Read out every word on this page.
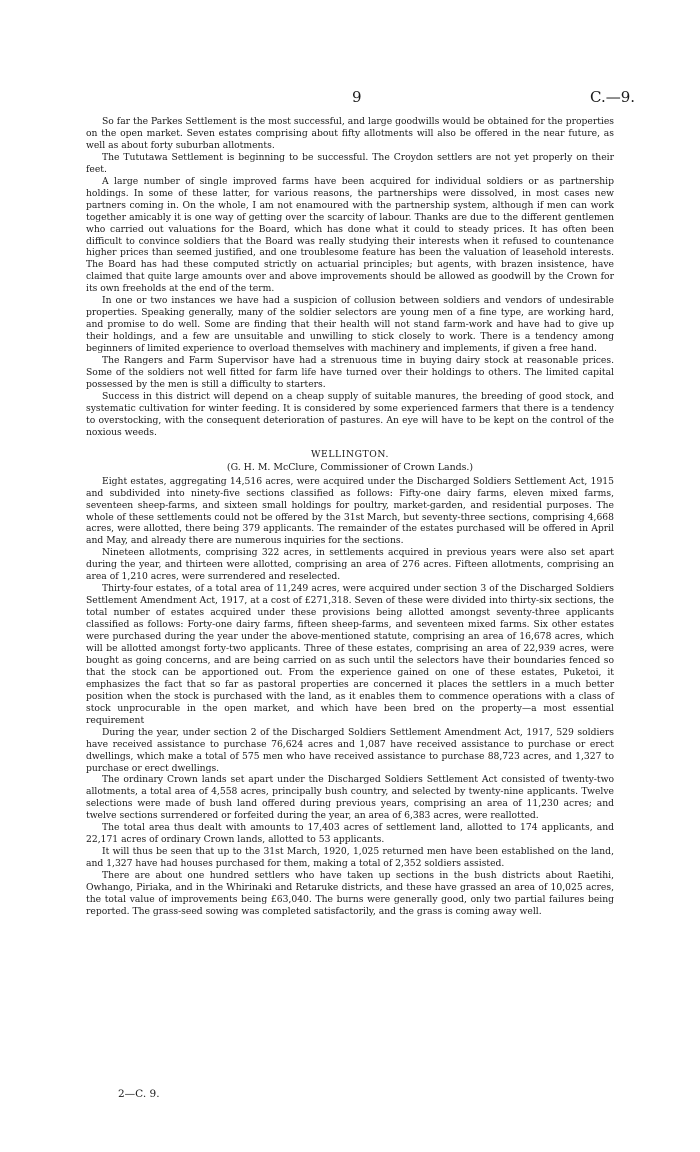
9	C.—9.

So far the Parkes Settlement is the most successful, and large goodwills would be obtained for the properties on the open market. Seven estates comprising about fifty allotments will also be offered in the near future, as well as about forty suburban allotments.

The Tututawa Settlement is beginning to be successful. The Croydon settlers are not yet properly on their feet.

A large number of single improved farms have been acquired for individual soldiers or as partnership holdings. In some of these latter, for various reasons, the partnerships were dissolved, in most cases new partners coming in. On the whole, I am not enamoured with the partnership system, although if men can work together amicably it is one way of getting over the scarcity of labour. Thanks are due to the different gentlemen who carried out valuations for the Board, which has done what it could to steady prices. It has often been difficult to convince soldiers that the Board was really studying their interests when it refused to countenance higher prices than seemed justified, and one troublesome feature has been the valuation of leasehold interests. The Board has had these computed strictly on actuarial principles; but agents, with brazen insistence, have claimed that quite large amounts over and above improvements should be allowed as goodwill by the Crown for its own freeholds at the end of the term.

In one or two instances we have had a suspicion of collusion between soldiers and vendors of undesirable properties. Speaking generally, many of the soldier selectors are young men of a fine type, are working hard, and promise to do well. Some are finding that their health will not stand farm-work and have had to give up their holdings, and a few are unsuitable and unwilling to stick closely to work. There is a tendency among beginners of limited experience to overload themselves with machinery and implements, if given a free hand.

The Rangers and Farm Supervisor have had a strenuous time in buying dairy stock at reasonable prices. Some of the soldiers not well fitted for farm life have turned over their holdings to others. The limited capital possessed by the men is still a difficulty to starters.

Success in this district will depend on a cheap supply of suitable manures, the breeding of good stock, and systematic cultivation for winter feeding. It is considered by some experienced farmers that there is a tendency to overstocking, with the consequent deterioration of pastures. An eye will have to be kept on the control of the noxious weeds.

WELLINGTON.
(G. H. M. McClure, Commissioner of Crown Lands.)

Eight estates, aggregating 14,516 acres, were acquired under the Discharged Soldiers Settlement Act, 1915 and subdivided into ninety-five sections classified as follows: Fifty-one dairy farms, eleven mixed farms, seventeen sheep-farms, and sixteen small holdings for poultry, market-garden, and residential purposes. The whole of these settlements could not be offered by the 31st March, but seventy-three sections, comprising 4,668 acres, were allotted, there being 379 applicants. The remainder of the estates purchased will be offered in April and May, and already there are numerous inquiries for the sections.

Nineteen allotments, comprising 322 acres, in settlements acquired in previous years were also set apart during the year, and thirteen were allotted, comprising an area of 276 acres. Fifteen allotments, comprising an area of 1,210 acres, were surrendered and reselected.

Thirty-four estates, of a total area of 11,249 acres, were acquired under section 3 of the Discharged Soldiers Settlement Amendment Act, 1917, at a cost of £271,318. Seven of these were divided into thirty-six sections, the total number of estates acquired under these provisions being allotted amongst seventy-three applicants classified as follows: Forty-one dairy farms, fifteen sheep-farms, and seventeen mixed farms. Six other estates were purchased during the year under the above-mentioned statute, comprising an area of 16,678 acres, which will be allotted amongst forty-two applicants. Three of these estates, comprising an area of 22,939 acres, were bought as going concerns, and are being carried on as such until the selectors have their boundaries fenced so that the stock can be apportioned out. From the experience gained on one of these estates, Puketoi, it emphasizes the fact that so far as pastoral properties are concerned it places the settlers in a much better position when the stock is purchased with the land, as it enables them to commence operations with a class of stock unprocurable in the open market, and which have been bred on the property—a most essential requirement

During the year, under section 2 of the Discharged Soldiers Settlement Amendment Act, 1917, 529 soldiers have received assistance to purchase 76,624 acres and 1,087 have received assistance to purchase or erect dwellings, which make a total of 575 men who have received assistance to purchase 88,723 acres, and 1,327 to purchase or erect dwellings.

The ordinary Crown lands set apart under the Discharged Soldiers Settlement Act consisted of twenty-two allotments, a total area of 4,558 acres, principally bush country, and selected by twenty-nine applicants. Twelve selections were made of bush land offered during previous years, comprising an area of 11,230 acres; and twelve sections surrendered or forfeited during the year, an area of 6,383 acres, were reallotted.

The total area thus dealt with amounts to 17,403 acres of settlement land, allotted to 174 applicants, and 22,171 acres of ordinary Crown lands, allotted to 53 applicants.

It will thus be seen that up to the 31st March, 1920, 1,025 returned men have been established on the land, and 1,327 have had houses purchased for them, making a total of 2,352 soldiers assisted.

There are about one hundred settlers who have taken up sections in the bush districts about Raetihi, Owhango, Piriaka, and in the Whirinaki and Retaruke districts, and these have grassed an area of 10,025 acres, the total value of improvements being £63,040. The burns were generally good, only two partial failures being reported. The grass-seed sowing was completed satisfactorily, and the grass is coming away well.

2—C. 9.
